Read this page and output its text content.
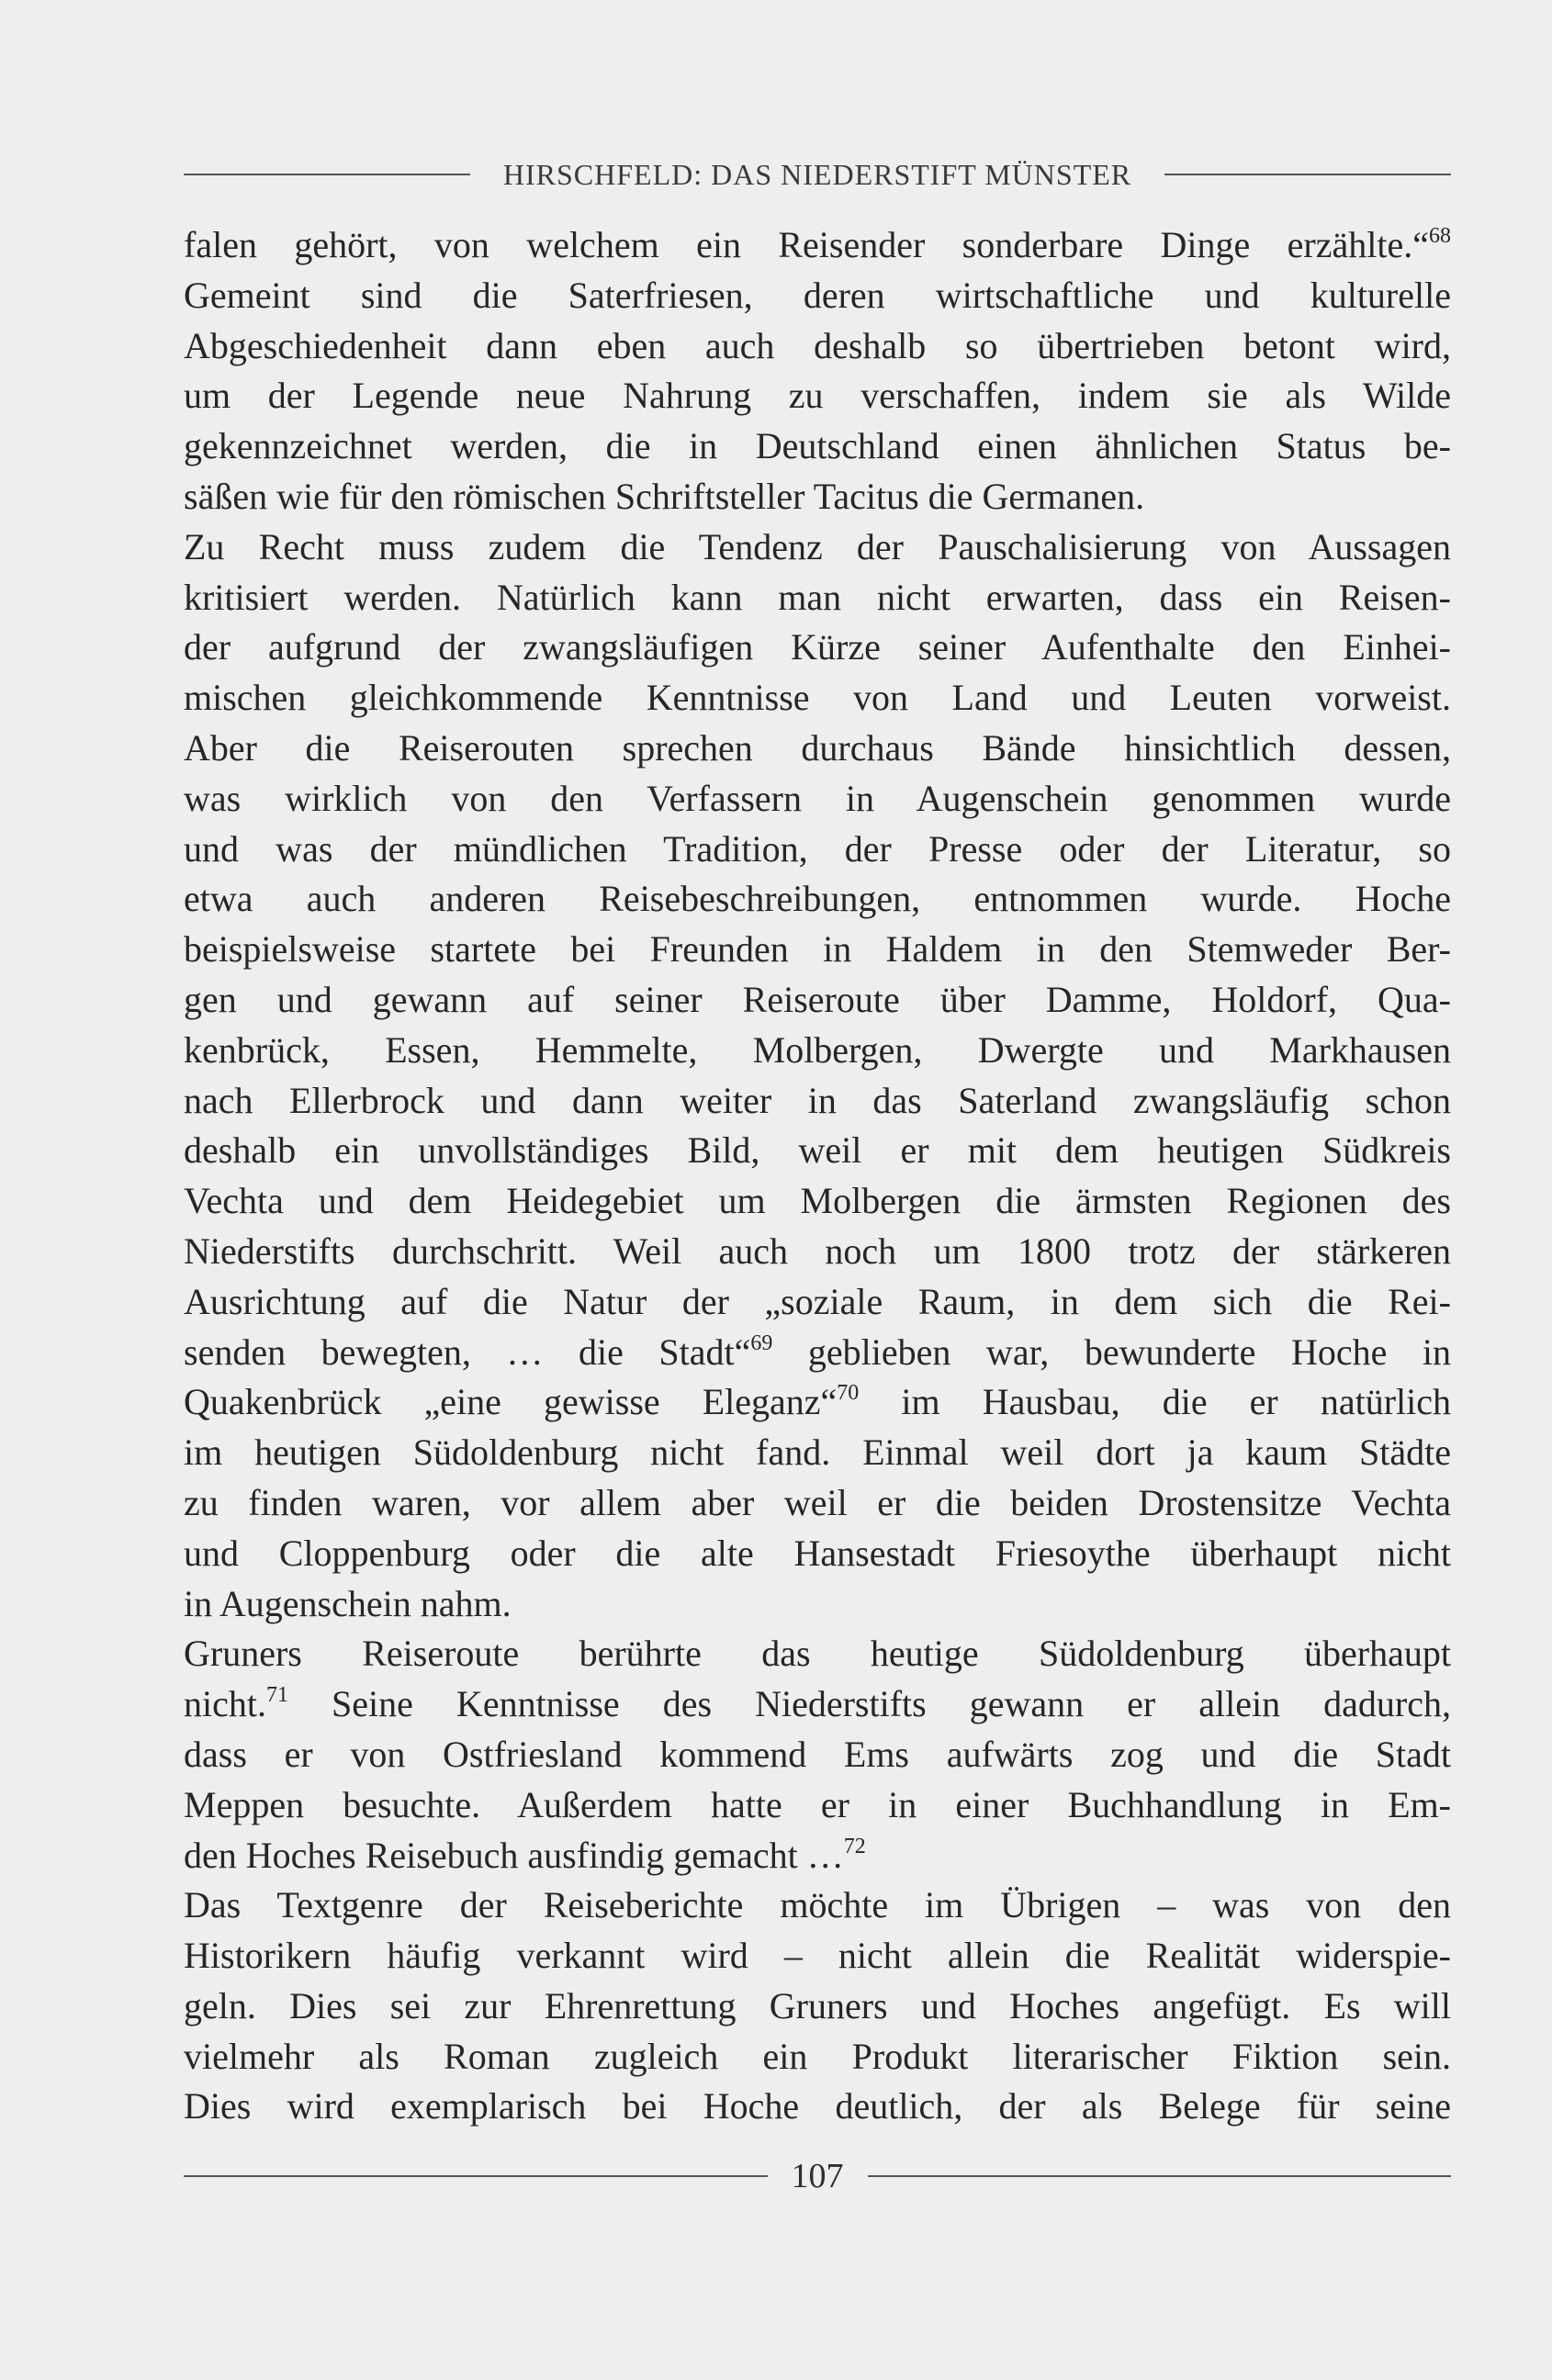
HIRSCHFELD: DAS NIEDERSTIFT MÜNSTER
falen gehört, von welchem ein Reisender sonderbare Dinge erzählte.“$^{68}$
Gemeint sind die Saterfriesen, deren wirtschaftliche und kulturelle
Abgeschiedenheit dann eben auch deshalb so übertrieben betont wird,
um der Legende neue Nahrung zu verschaffen, indem sie als Wilde
gekennzeichnet werden, die in Deutschland einen ähnlichen Status be-
säßen wie für den römischen Schriftsteller Tacitus die Germanen.
Zu Recht muss zudem die Tendenz der Pauschalisierung von Aussagen
kritisiert werden. Natürlich kann man nicht erwarten, dass ein Reisen-
der aufgrund der zwangsläufigen Kürze seiner Aufenthalte den Einhei-
mischen gleichkommende Kenntnisse von Land und Leuten vorweist.
Aber die Reiserouten sprechen durchaus Bände hinsichtlich dessen,
was wirklich von den Verfassern in Augenschein genommen wurde
und was der mündlichen Tradition, der Presse oder der Literatur, so
etwa auch anderen Reisebeschreibungen, entnommen wurde. Hoche
beispielsweise startete bei Freunden in Haldem in den Stemweder Ber-
gen und gewann auf seiner Reiseroute über Damme, Holdorf, Qua-
kenbrück, Essen, Hemmelte, Molbergen, Dwergte und Markhausen
nach Ellerbrock und dann weiter in das Saterland zwangsläufig schon
deshalb ein unvollständiges Bild, weil er mit dem heutigen Südkreis
Vechta und dem Heidegebiet um Molbergen die ärmsten Regionen des
Niederstifts durchschritt. Weil auch noch um 1800 trotz der stärkeren
Ausrichtung auf die Natur der „soziale Raum, in dem sich die Rei-
senden bewegten, … die Stadt“$^{69}$ geblieben war, bewunderte Hoche in
Quakenbrück „eine gewisse Eleganz“$^{70}$ im Hausbau, die er natürlich
im heutigen Südoldenburg nicht fand. Einmal weil dort ja kaum Städte
zu finden waren, vor allem aber weil er die beiden Drostensitze Vechta
und Cloppenburg oder die alte Hansestadt Friesoythe überhaupt nicht
in Augenschein nahm.
Gruners Reiseroute berührte das heutige Südoldenburg überhaupt
nicht.$^{71}$ Seine Kenntnisse des Niederstifts gewann er allein dadurch,
dass er von Ostfriesland kommend Ems aufwärts zog und die Stadt
Meppen besuchte. Außerdem hatte er in einer Buchhandlung in Em-
den Hoches Reisebuch ausfindig gemacht …$^{72}$
Das Textgenre der Reiseberichte möchte im Übrigen – was von den
Historikern häufig verkannt wird – nicht allein die Realität widerspie-
geln. Dies sei zur Ehrenrettung Gruners und Hoches angefügt. Es will
vielmehr als Roman zugleich ein Produkt literarischer Fiktion sein.
Dies wird exemplarisch bei Hoche deutlich, der als Belege für seine
107
